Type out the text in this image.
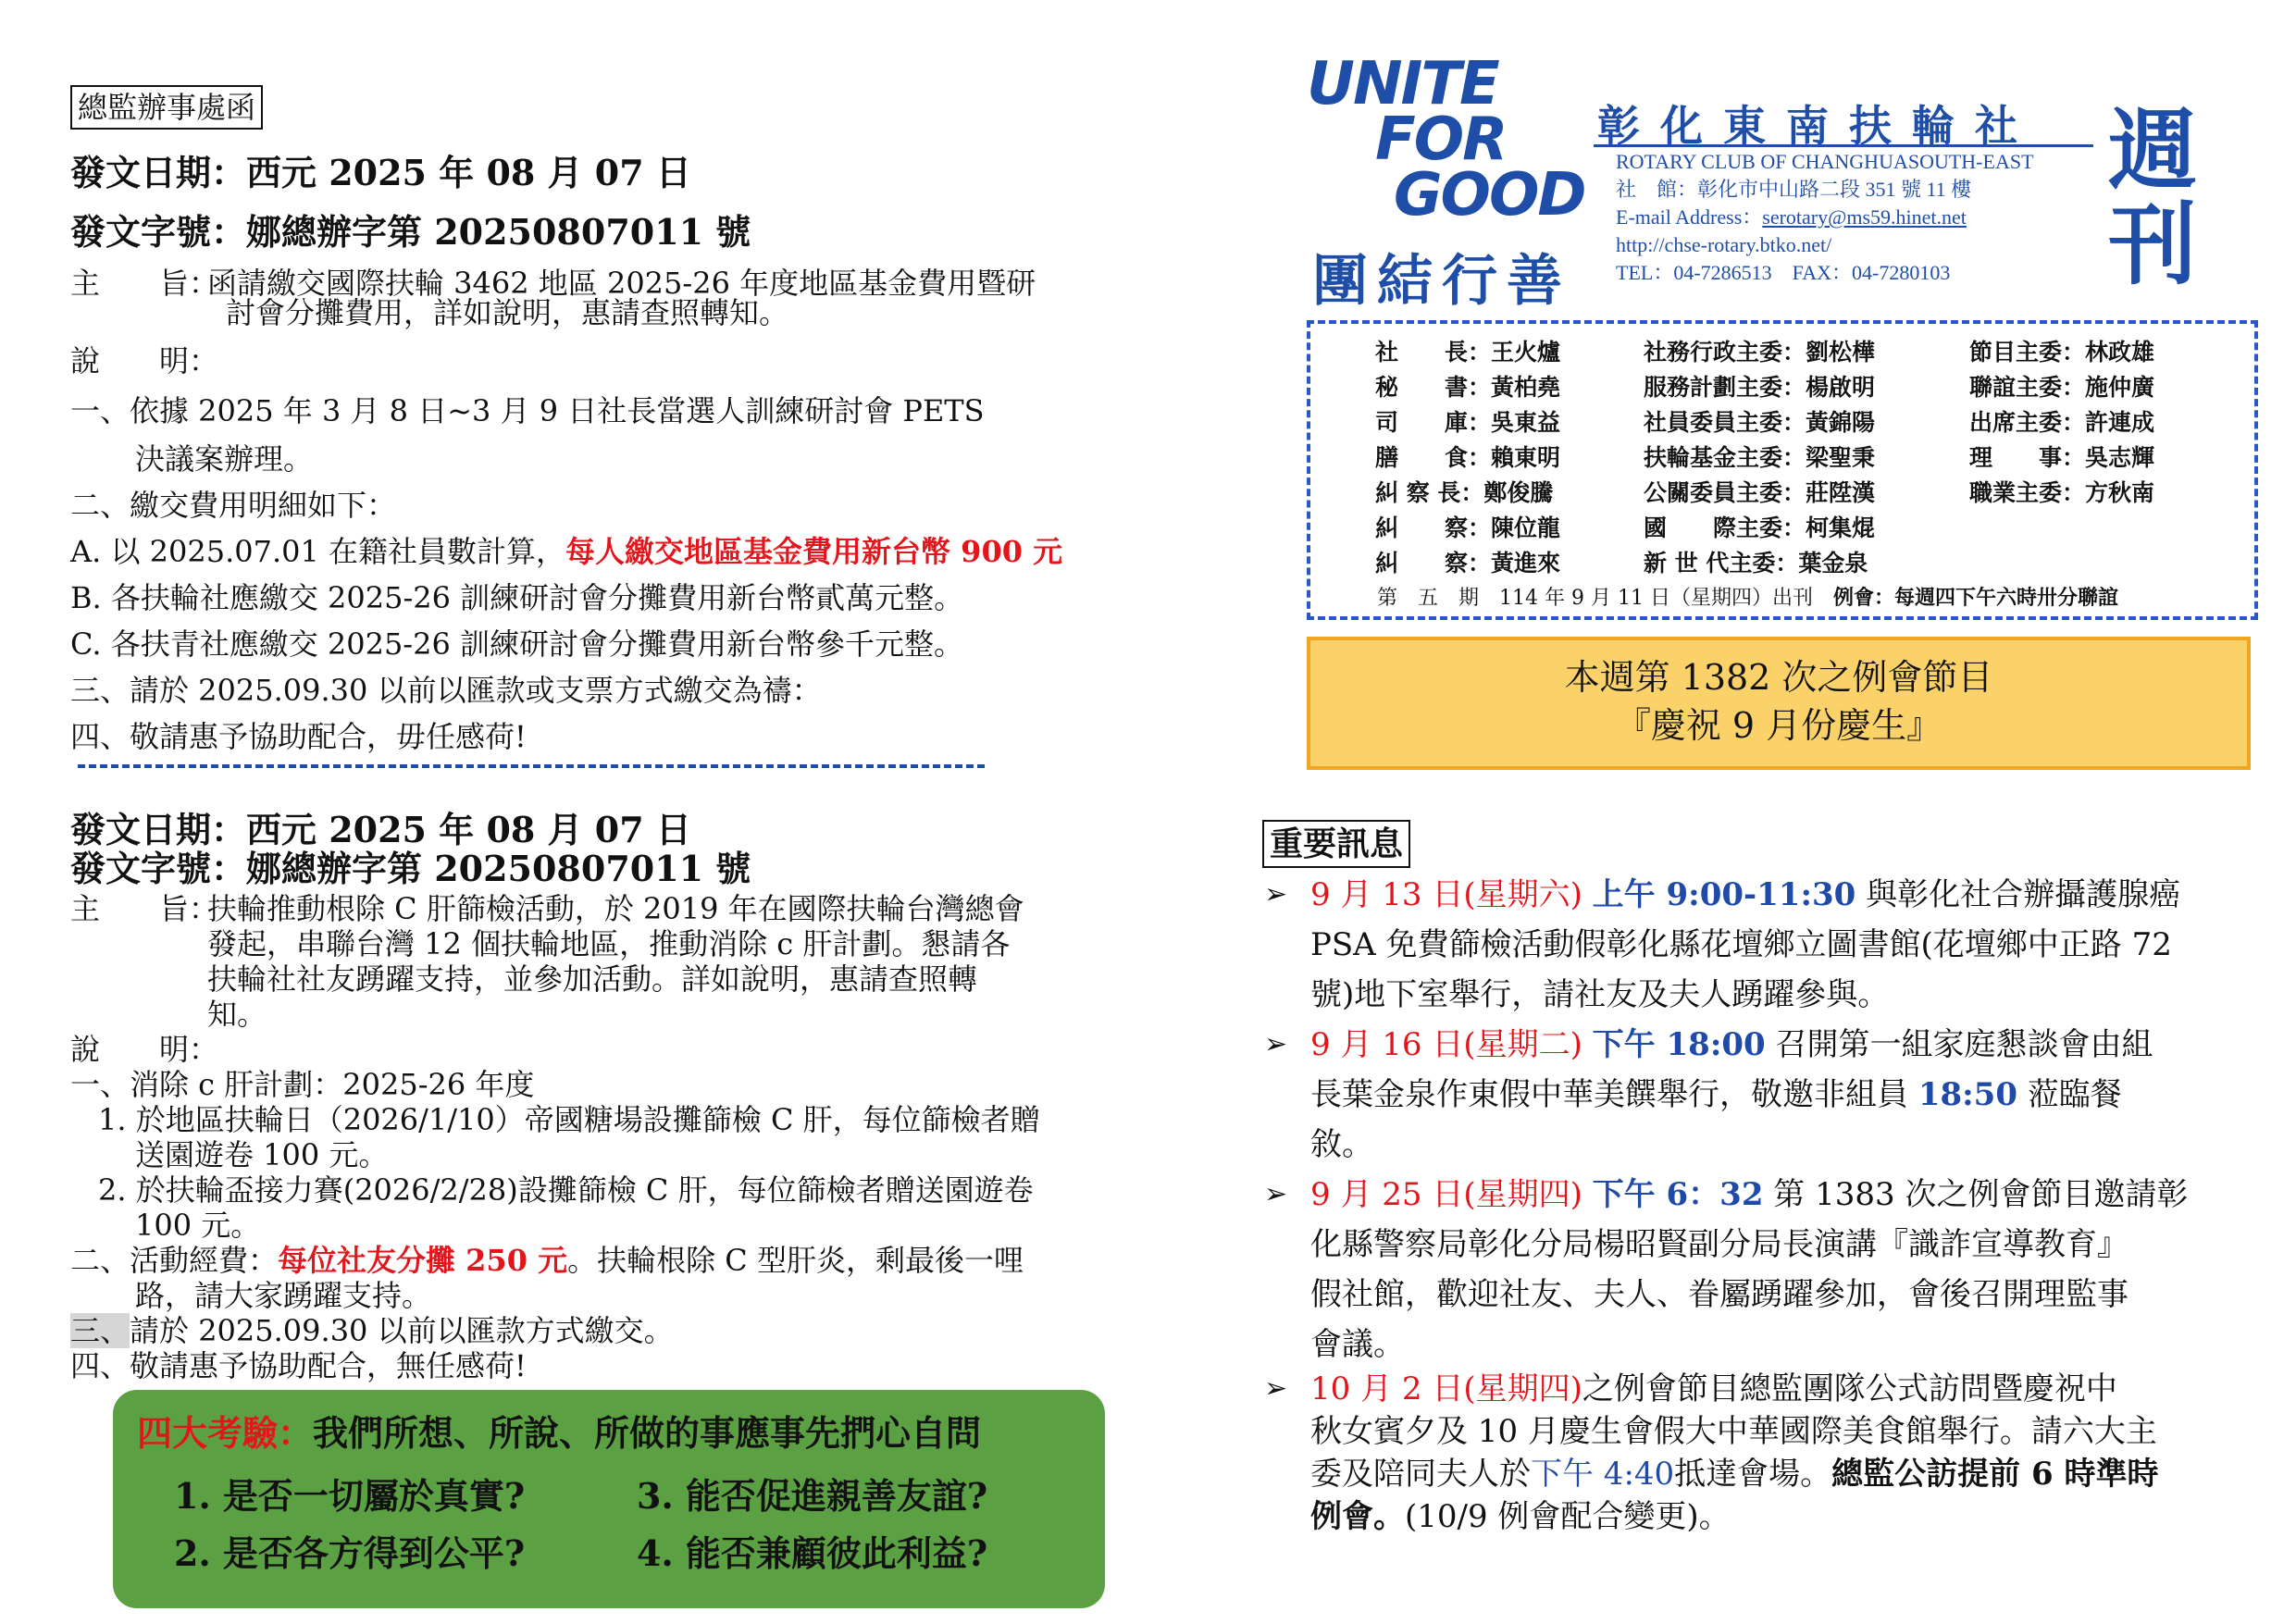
總監辦事處函
發文日期：西元 2025 年 08 月 07 日
發文字號：娜總辦字第 20250807011 號
主　　旨：
函請繳交國際扶輪 3462 地區 2025-26 年度地區基金費用暨研
討會分攤費用，詳如說明，惠請查照轉知。
說　　明：
一、依據 2025 年 3 月 8 日~3 月 9 日社長當選人訓練研討會 PETS
決議案辦理。
二、繳交費用明細如下：
A. 以 2025.07.01 在籍社員數計算，每人繳交地區基金費用新台幣 900 元
B. 各扶輪社應繳交 2025-26 訓練研討會分攤費用新台幣貳萬元整。
C. 各扶青社應繳交 2025-26 訓練研討會分攤費用新台幣參千元整。
三、請於 2025.09.30 以前以匯款或支票方式繳交為禱：
四、敬請惠予協助配合，毋任感荷!
發文日期：西元 2025 年 08 月 07 日
發文字號：娜總辦字第 20250807011 號
主　　旨：
扶輪推動根除 C 肝篩檢活動，於 2019 年在國際扶輪台灣總會
發起，串聯台灣 12 個扶輪地區，推動消除 c 肝計劃。懇請各
扶輪社社友踴躍支持，並參加活動。詳如說明，惠請查照轉
知。
說　　明：
一、消除 c 肝計劃：2025-26 年度
1. 於地區扶輪日（2026/1/10）帝國糖場設攤篩檢 C 肝，每位篩檢者贈
送園遊卷 100 元。
2. 於扶輪盃接力賽(2026/2/28)設攤篩檢 C 肝，每位篩檢者贈送園遊卷
100 元。
二、活動經費：每位社友分攤 250 元。扶輪根除 C 型肝炎，剩最後一哩
路，請大家踴躍支持。
三、請於 2025.09.30 以前以匯款方式繳交。
四、敬請惠予協助配合，無任感荷!
四大考驗：我們所想、所說、所做的事應事先捫心自問
1. 是否一切屬於真實?	3. 能否促進親善友誼?
2. 是否各方得到公平?	4. 能否兼顧彼此利益?
UNITE
FOR
GOOD
團結行善
彰化東南扶輪社
ROTARY CLUB OF CHANGHUASOUTH-EAST
社　館：彰化市中山路二段 351 號 11 樓
E-mail Address：serotary@ms59.hinet.net
http://chse-rotary.btko.net/
TEL：04-7286513　FAX：04-7280103
週
刊
社　　長：王火爐	社務行政主委：劉松樺	節目主委：林政雄
秘　　書：黃柏堯	服務計劃主委：楊啟明	聯誼主委：施仲廣
司　　庫：吳東益	社員委員主委：黃錦陽	出席主委：許連成
膳　　食：賴東明	扶輪基金主委：梁聖秉	理　　事：吳志輝
糾 察 長：鄭俊騰	公關委員主委：莊陞漢	職業主委：方秋南
糾　　察：陳位龍	國　　際主委：柯集焜
糾　　察：黃進來	新 世 代主委：葉金泉
第　五　期　114 年 9 月 11 日（星期四）出刊　 例會：每週四下午六時卅分聯誼
本週第 1382 次之例會節目
『慶祝 9 月份慶生』
重要訊息
➢ 9 月 13 日(星期六) 上午 9:00-11:30 與彰化社合辦攝護腺癌
PSA 免費篩檢活動假彰化縣花壇鄉立圖書館(花壇鄉中正路 72
號)地下室舉行，請社友及夫人踴躍參與。
➢ 9 月 16 日(星期二) 下午 18:00 召開第一組家庭懇談會由組
長葉金泉作東假中華美饌舉行，敬邀非組員 18:50 蒞臨餐
敘。
➢ 9 月 25 日(星期四) 下午 6：32 第 1383 次之例會節目邀請彰
化縣警察局彰化分局楊昭賢副分局長演講『識詐宣導教育』
假社館，歡迎社友、夫人、眷屬踴躍參加，會後召開理監事
會議。
➢ 10 月 2 日(星期四)之例會節目總監團隊公式訪問暨慶祝中
秋女賓夕及 10 月慶生會假大中華國際美食館舉行。請六大主
委及陪同夫人於下午 4:40抵達會場。總監公訪提前 6 時準時
例會。(10/9 例會配合變更)。
